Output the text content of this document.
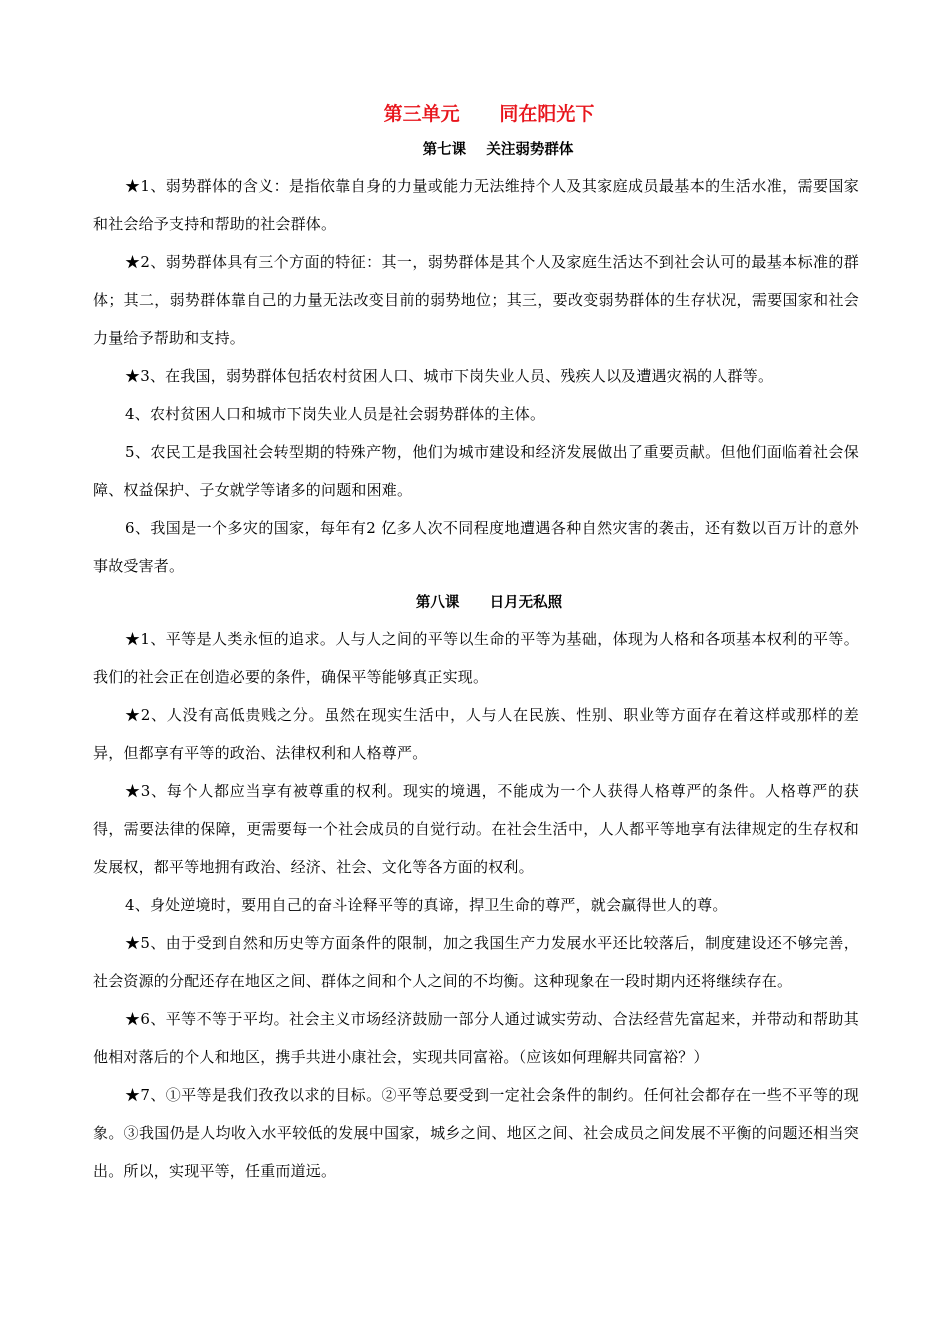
第三单元      同在阳光下
第七课    关注弱势群体

★1、弱势群体的含义：是指依靠自身的力量或能力无法维持个人及其家庭成员最基本的生活水准，需要国家和社会给予支持和帮助的社会群体。

★2、弱势群体具有三个方面的特征：其一，弱势群体是其个人及家庭生活达不到社会认可的最基本标准的群体；其二，弱势群体靠自己的力量无法改变目前的弱势地位；其三，要改变弱势群体的生存状况，需要国家和社会力量给予帮助和支持。

★3、在我国，弱势群体包括农村贫困人口、城市下岗失业人员、残疾人以及遭遇灾祸的人群等。

4、农村贫困人口和城市下岗失业人员是社会弱势群体的主体。

5、农民工是我国社会转型期的特殊产物，他们为城市建设和经济发展做出了重要贡献。但他们面临着社会保障、权益保护、子女就学等诸多的问题和困难。

6、我国是一个多灾的国家，每年有2 亿多人次不同程度地遭遇各种自然灾害的袭击，还有数以百万计的意外事故受害者。

第八课      日月无私照

★1、平等是人类永恒的追求。人与人之间的平等以生命的平等为基础，体现为人格和各项基本权利的平等。我们的社会正在创造必要的条件，确保平等能够真正实现。

★2、人没有高低贵贱之分。虽然在现实生活中，人与人在民族、性别、职业等方面存在着这样或那样的差异，但都享有平等的政治、法律权利和人格尊严。

★3、每个人都应当享有被尊重的权利。现实的境遇，不能成为一个人获得人格尊严的条件。人格尊严的获得，需要法律的保障，更需要每一个社会成员的自觉行动。在社会生活中，人人都平等地享有法律规定的生存权和发展权，都平等地拥有政治、经济、社会、文化等各方面的权利。

4、身处逆境时，要用自己的奋斗诠释平等的真谛，捍卫生命的尊严，就会赢得世人的尊。

★5、由于受到自然和历史等方面条件的限制，加之我国生产力发展水平还比较落后，制度建设还不够完善，社会资源的分配还存在地区之间、群体之间和个人之间的不均衡。这种现象在一段时期内还将继续存在。

★6、平等不等于平均。社会主义市场经济鼓励一部分人通过诚实劳动、合法经营先富起来，并带动和帮助其他相对落后的个人和地区，携手共进小康社会，实现共同富裕。（应该如何理解共同富裕？）

★7、①平等是我们孜孜以求的目标。②平等总要受到一定社会条件的制约。任何社会都存在一些不平等的现象。③我国仍是人均收入水平较低的发展中国家，城乡之间、地区之间、社会成员之间发展不平衡的问题还相当突出。所以，实现平等，任重而道远。
